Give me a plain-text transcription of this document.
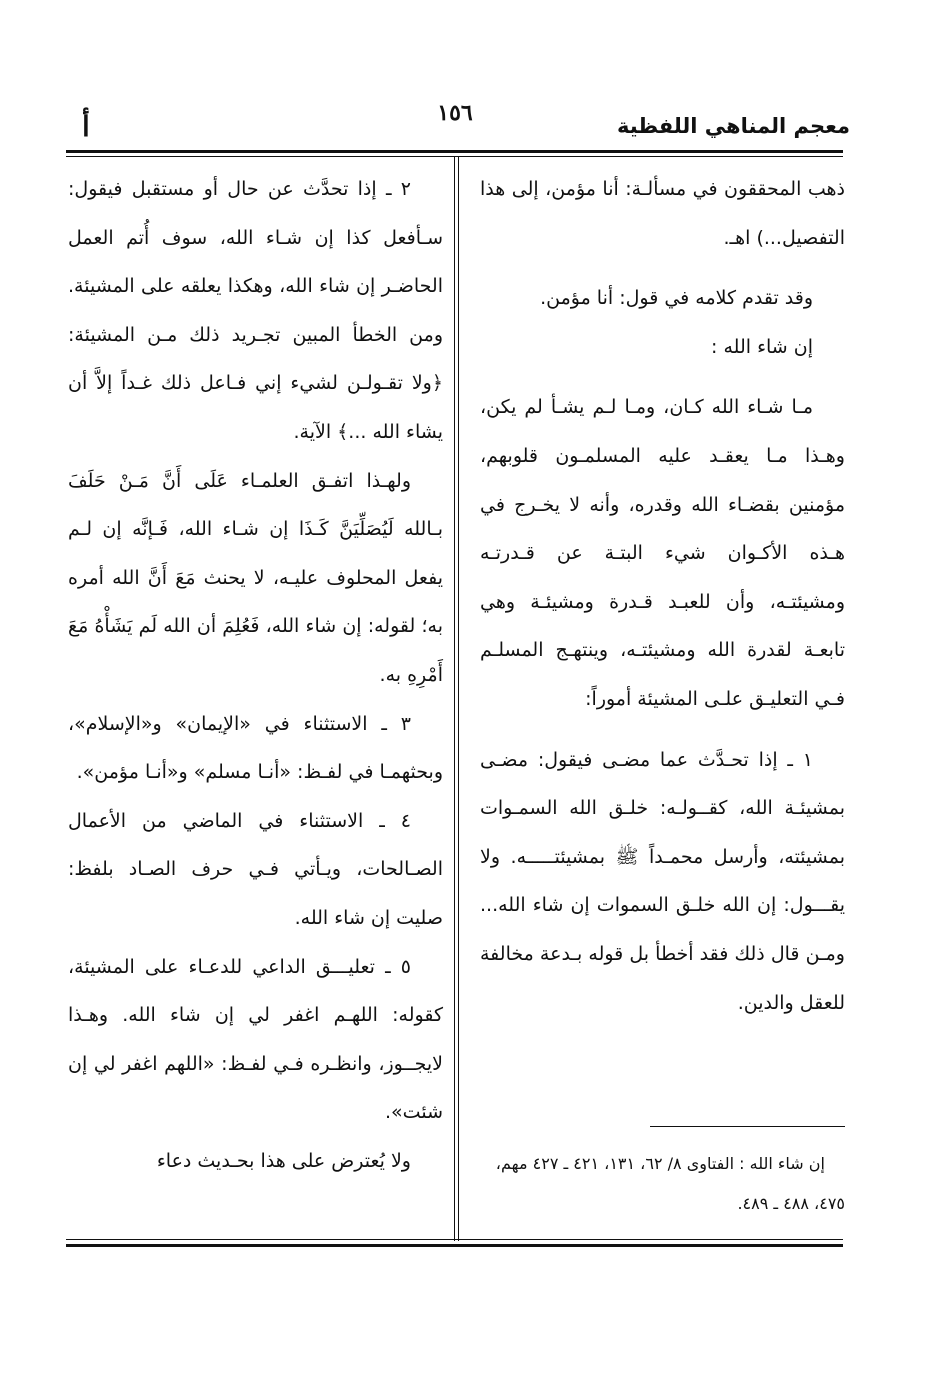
معجم المناهي اللفظية
١٥٦
أ

ذهب المحققون في مسألـة: أنا مؤمن، إلى هذا التفصيل...) اهـ.

وقد تقدم كلامه في قول: أنا مؤمن.

إن شاء الله :

مـا شـاء الله كـان، ومـا لـم يشـأ لم يكن، وهـذا مـا يعقـد عليه المسلمـون قلوبهم، مؤمنين بقضـاء الله وقدره، وأنه لا يخـرج في هـذه الأكـوان شيء البتـة عن قـدرتـه ومشيئتـه، وأن للعبـد قـدرة ومشيئـة وهي تابعـة لقدرة الله ومشيئتـه، وينتهـج المسلـم فـي التعليـق علـى المشيئة أموراً:

١ ـ إذا تحـدَّث عما مضـى فيقول: مضـى بمشيئـة الله، كقــولـه: خلـق الله السمـوات بمشيئته، وأرسل محمـداً ﷺ بمشيئتـــــه. ولا يقـــول: إن الله خلـق السموات إن شاء الله... ومـن قال ذلك فقد أخطأ بل قوله بـدعة مخالفة للعقل والدين.

٢ ـ إذا تحدَّث عن حال أو مستقبل فيقول: سـأفعل كذا إن شـاء الله، سوف أُتم العمل الحاضـر إن شاء الله، وهكذا يعلقه على المشيئة. ومن الخطأ المبين تجـريد ذلك مـن المشيئة: ﴿ولا تقـولـن لشيء إني فـاعل ذلك غـداً إلاَّ أن يشاء الله ...﴾ الآية.

ولهـذا اتفـق العلمـاء عَلَى أَنَّ مَـنْ حَلَفَ بـالله لَيُصَلِّيَنَّ كَـذَا إن شـاء الله، فَـإنَّه إن لـم يفعل المحلوف عليـه، لا يحنث مَعَ أَنَّ الله أمره به؛ لقوله: إن شاء الله، فَعُلِمَ أن الله لَم يَشَأْهُ مَعَ أَمْرِهِ به.

٣ ـ الاستثناء في «الإيمان» و«الإسلام»، وبحثهمـا في لفـظ: «أنـا مسلم» و«أنـا مؤمن».

٤ ـ الاستثناء في الماضي من الأعمال الصـالحات، ويـأتي فـي حرف الصـاد بلفظ: صليت إن شاء الله.

٥ ـ تعليـــق الداعي للدعـاء على المشيئة، كقوله: اللهـم اغفر لي إن شاء الله. وهـذا لايجــوز، وانظـره فـي لفـظ: «اللهم اغفر لي إن شئت».

ولا يُعترض على هذا بحـديث دعاء	إن شاء الله : الفتاوى ٨/ ٦٢، ١٣١، ٤٢١ ـ ٤٢٧ مهم، ٤٧٥، ٤٨٨ ـ ٤٨٩.
